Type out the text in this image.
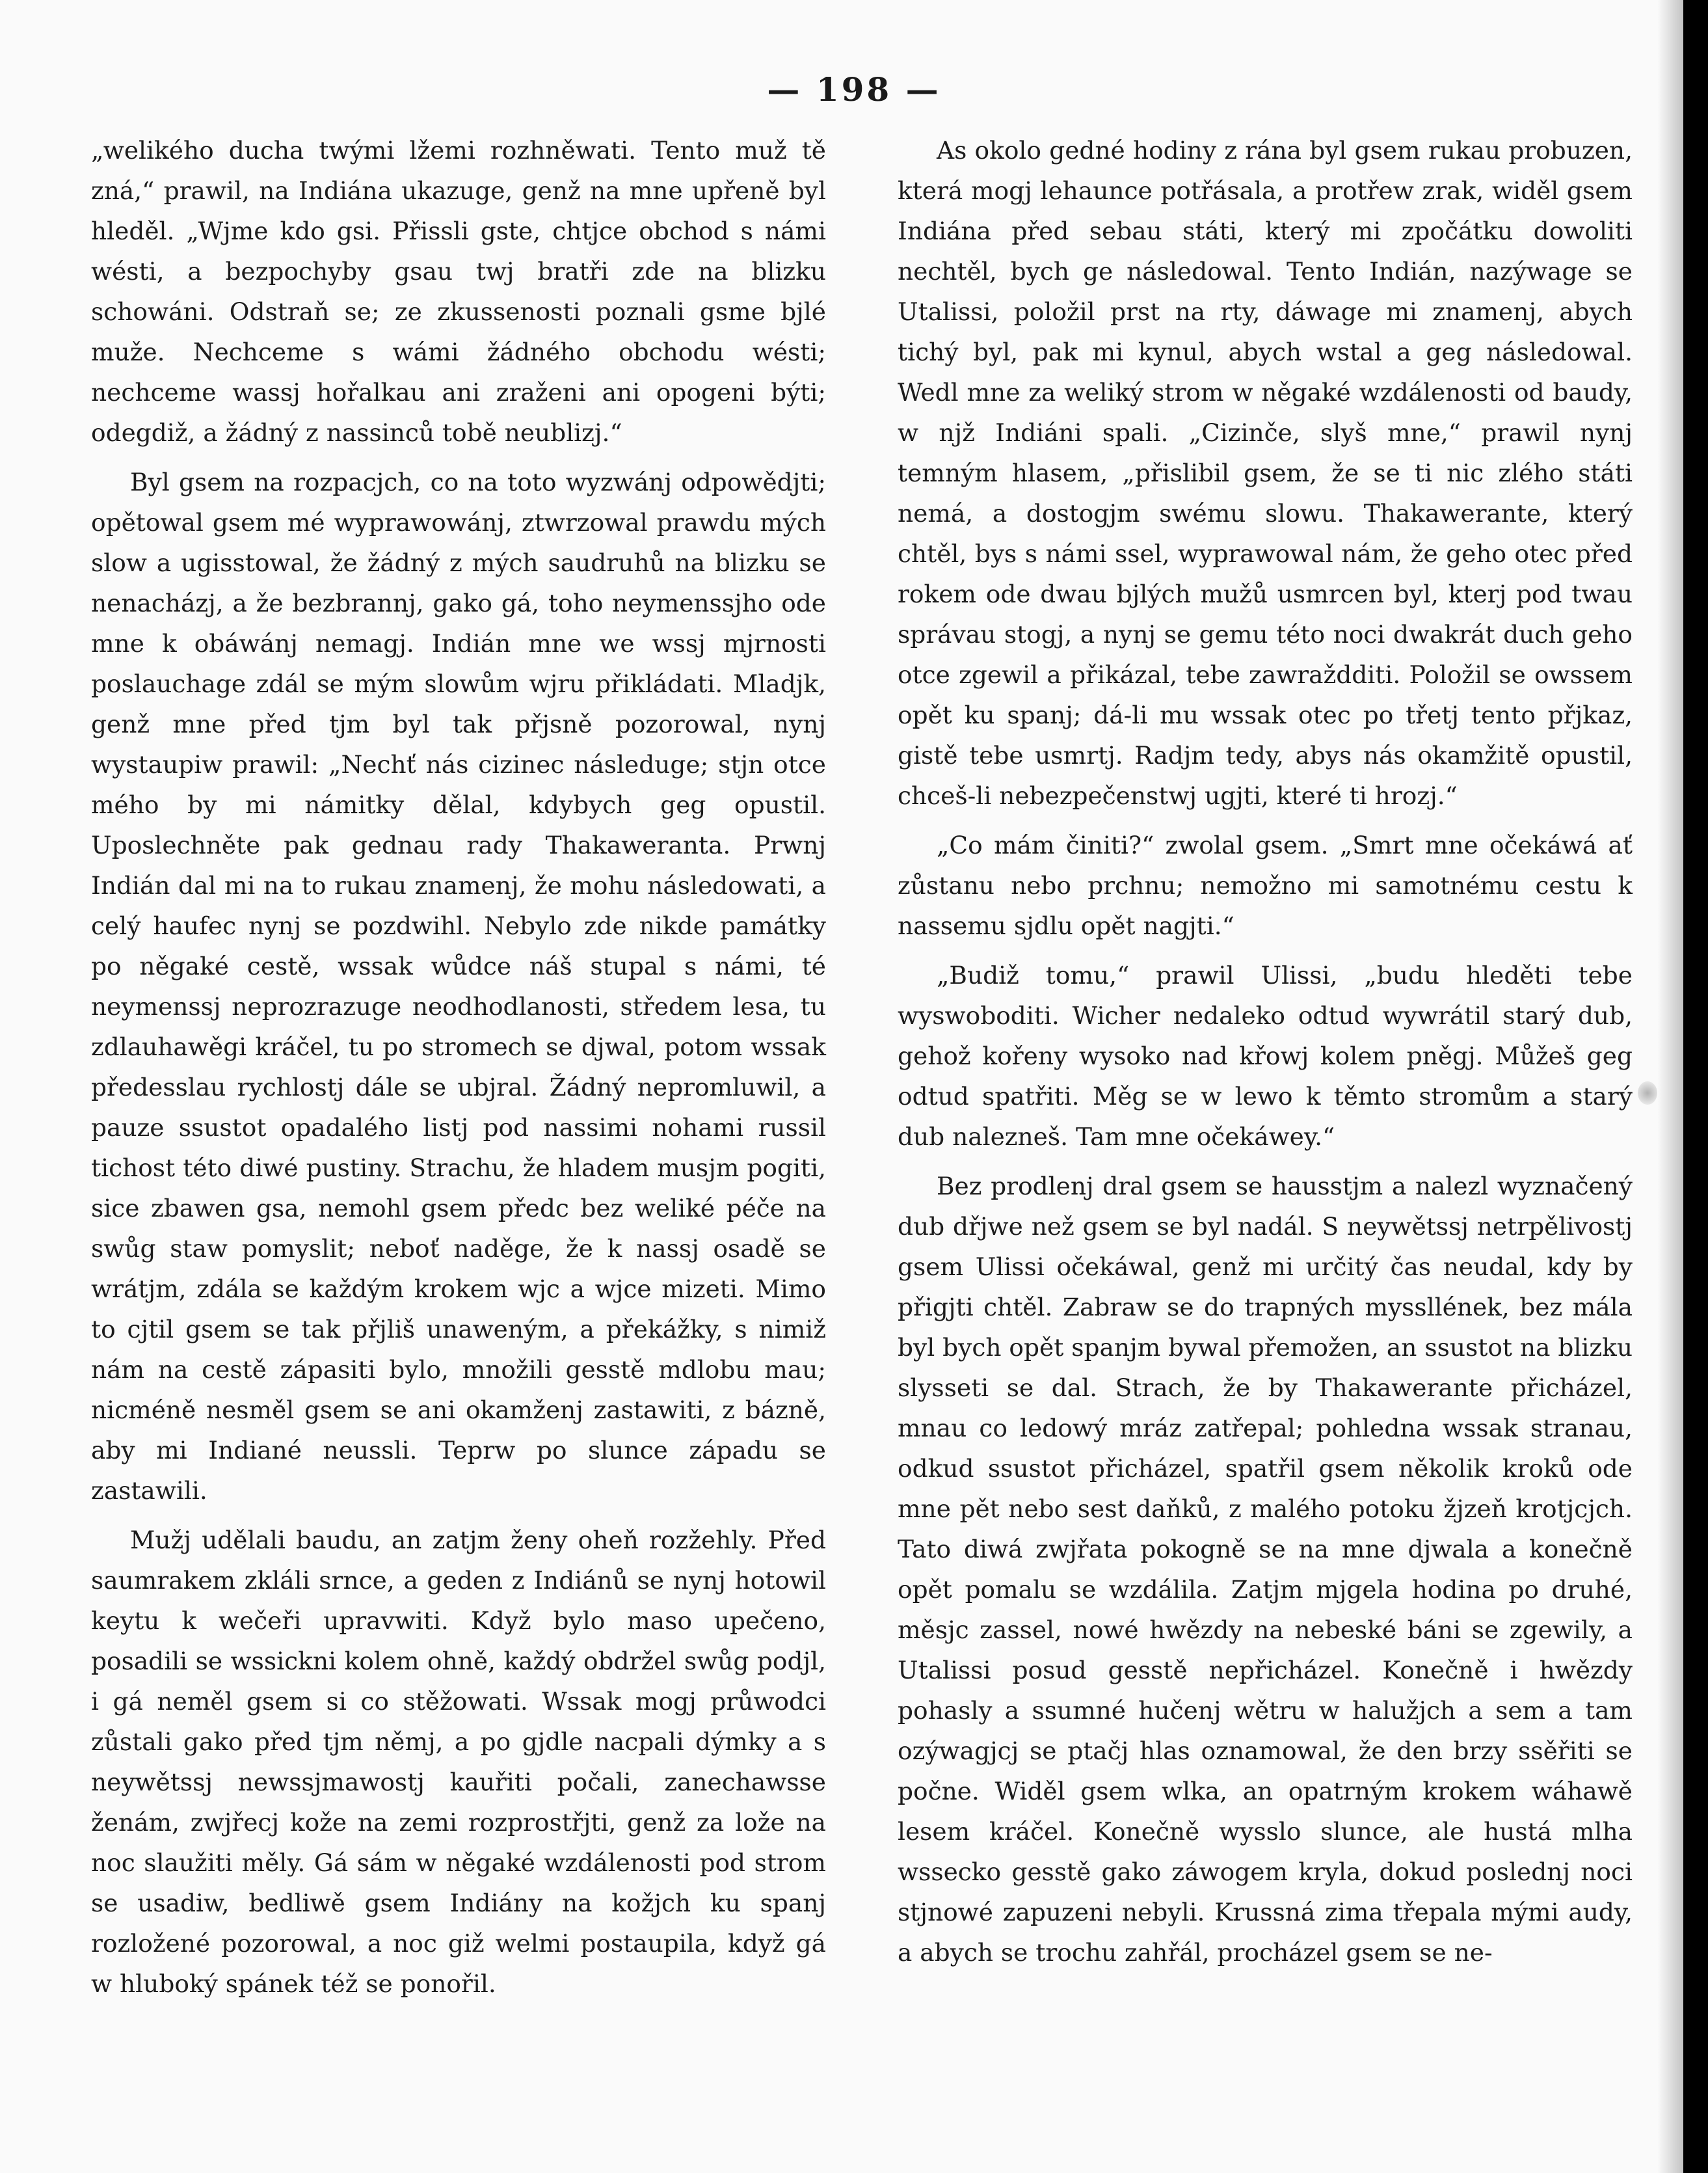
— 198 —

„welikého ducha twými lžemi rozhněwati. Tento muž tě zná,“ prawil, na Indiána ukazuge, genž na mne upřeně byl hleděl. „Wjme kdo gsi. Přissli gste, chtjce obchod s námi wésti, a bezpochyby gsau twj bratři zde na blizku schowáni. Odstraň se; ze zkussenosti poznali gsme bjlé muže. Nechceme s wámi žádného obchodu wésti; nechceme wassj hořalkau ani zraženi ani opogeni býti; odegdiž, a žádný z nassinců tobě neublizj.“

Byl gsem na rozpacjch, co na toto wyzwánj odpowědjti; opětowal gsem mé wyprawowánj, ztwrzowal prawdu mých slow a ugisstowal, že žádný z mých saudruhů na blizku se nenacházj, a že bezbrannj, gako gá, toho neymenssjho ode mne k obáwánj nemagj. Indián mne we wssj mjrnosti poslauchage zdál se mým slowům wjru přikládati. Mladjk, genž mne před tjm byl tak přjsně pozorowal, nynj wystaupiw prawil: „Nechť nás cizinec následuge; stjn otce mého by mi námitky dělal, kdybych geg opustil. Uposlechněte pak gednau rady Thakaweranta. Prwnj Indián dal mi na to rukau znamenj, že mohu následowati, a celý haufec nynj se pozdwihl. Nebylo zde nikde památky po něgaké cestě, wssak wůdce náš stupal s námi, té neymenssj neprozrazuge neodhodlanosti, středem lesa, tu zdlauhawěgi kráčel, tu po stromech se djwal, potom wssak předesslau rychlostj dále se ubjral. Žádný nepromluwil, a pauze ssustot opadalého listj pod nassimi nohami russil tichost této diwé pustiny. Strachu, že hladem musjm pogiti, sice zbawen gsa, nemohl gsem předc bez weliké péče na swůg staw pomyslit; neboť naděge, že k nassj osadě se wrátjm, zdála se každým krokem wjc a wjce mizeti. Mimo to cjtil gsem se tak přjliš unaweným, a překážky, s nimiž nám na cestě zápasiti bylo, množili gesstě mdlobu mau; nicméně nesměl gsem se ani okamženj zastawiti, z bázně, aby mi Indiané neussli. Teprw po slunce západu se zastawili.

Mužj udělali baudu, an zatjm ženy oheň rozžehly. Před saumrakem zkláli srnce, a geden z Indiánů se nynj hotowil keytu k wečeři upravwiti. Když bylo maso upečeno, posadili se wssickni kolem ohně, každý obdržel swůg podjl, i gá neměl gsem si co stěžowati. Wssak mogj průwodci zůstali gako před tjm němj, a po gjdle nacpali dýmky a s neywětssj newssjmawostj kauřiti počali, zanechawsse ženám, zwjřecj kože na zemi rozprostřjti, genž za lože na noc slaužiti měly. Gá sám w něgaké wzdálenosti pod strom se usadiw, bedliwě gsem Indiány na kožjch ku spanj rozložené pozorowal, a noc giž welmi postaupila, když gá w hluboký spánek též se ponořil.

As okolo gedné hodiny z rána byl gsem rukau probuzen, která mogj lehaunce potřásala, a protřew zrak, widěl gsem Indiána před sebau státi, který mi zpočátku dowoliti nechtěl, bych ge následowal. Tento Indián, nazýwage se Utalissi, položil prst na rty, dáwage mi znamenj, abych tichý byl, pak mi kynul, abych wstal a geg následowal. Wedl mne za weliký strom w něgaké wzdálenosti od baudy, w njž Indiáni spali. „Cizinče, slyš mne,“ prawil nynj temným hlasem, „přislibil gsem, že se ti nic zlého státi nemá, a dostogjm swému slowu. Thakawerante, který chtěl, bys s námi ssel, wyprawowal nám, že geho otec před rokem ode dwau bjlých mužů usmrcen byl, kterj pod twau správau stogj, a nynj se gemu této noci dwakrát duch geho otce zgewil a přikázal, tebe zawraždditi. Položil se owssem opět ku spanj; dá-li mu wssak otec po třetj tento přjkaz, gistě tebe usmrtj. Radjm tedy, abys nás okamžitě opustil, chceš-li nebezpečenstwj ugjti, které ti hrozj.“

„Co mám činiti?“ zwolal gsem. „Smrt mne očekáwá ať zůstanu nebo prchnu; nemožno mi samotnému cestu k nassemu sjdlu opět nagjti.“

„Budiž tomu,“ prawil Ulissi, „budu hleděti tebe wyswoboditi. Wicher nedaleko odtud wywrátil starý dub, gehož kořeny wysoko nad křowj kolem pněgj. Můžeš geg odtud spatřiti. Měg se w lewo k těmto stromům a starý dub nalezneš. Tam mne očekáwey.“

Bez prodlenj dral gsem se hausstjm a nalezl wyznačený dub dřjwe než gsem se byl nadál. S neywětssj netrpělivostj gsem Ulissi očekáwal, genž mi určitý čas neudal, kdy by přigjti chtěl. Zabraw se do trapných myssllének, bez mála byl bych opět spanjm bywal přemožen, an ssustot na blizku slysseti se dal. Strach, že by Thakawerante přicházel, mnau co ledowý mráz zatřepal; pohledna wssak stranau, odkud ssustot přicházel, spatřil gsem několik kroků ode mne pět nebo sest daňků, z malého potoku žjzeň krotjcjch. Tato diwá zwjřata pokogně se na mne djwala a konečně opět pomalu se wzdálila. Zatjm mjgela hodina po druhé, měsjc zassel, nowé hwězdy na nebeské báni se zgewily, a Utalissi posud gesstě nepřicházel. Konečně i hwězdy pohasly a ssumné hučenj wětru w halužjch a sem a tam ozýwagjcj se ptačj hlas oznamowal, že den brzy ssěřiti se počne. Widěl gsem wlka, an opatrným krokem wáhawě lesem kráčel. Konečně wysslo slunce, ale hustá mlha wssecko gesstě gako záwogem kryla, dokud poslednj noci stjnowé zapuzeni nebyli. Krussná zima třepala mými audy, a abych se trochu zahřál, procházel gsem se ne-
